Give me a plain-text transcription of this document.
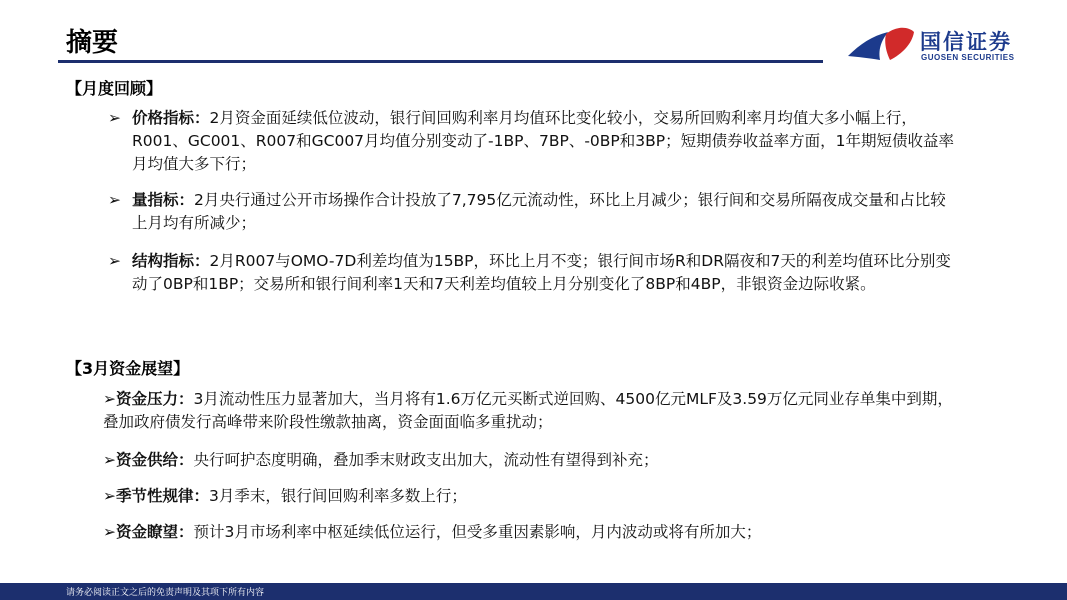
摘要	国信证券
GUOSEN SECURITIES
【月度回顾】
➢ 价格指标：2月资金面延续低位波动，银行间回购利率月均值环比变化较小，交易所回购利率月均值大多小幅上行，R001、GC001、R007和GC007月均值分别变动了-1BP、7BP、-0BP和3BP；短期债券收益率方面，1年期短债收益率月均值大多下行；
➢ 量指标：2月央行通过公开市场操作合计投放了7,795亿元流动性，环比上月减少；银行间和交易所隔夜成交量和占比较上月均有所减少；
➢ 结构指标：2月R007与OMO-7D利差均值为15BP，环比上月不变；银行间市场R和DR隔夜和7天的利差均值环比分别变动了0BP和1BP；交易所和银行间利率1天和7天利差均值较上月分别变化了8BP和4BP，非银资金边际收紧。
【3月资金展望】
➢资金压力：3月流动性压力显著加大，当月将有1.6万亿元买断式逆回购、4500亿元MLF及3.59万亿元同业存单集中到期，叠加政府债发行高峰带来阶段性缴款抽离，资金面面临多重扰动；
➢资金供给：央行呵护态度明确，叠加季末财政支出加大，流动性有望得到补充；
➢季节性规律：3月季末，银行间回购利率多数上行；
➢资金瞭望：预计3月市场利率中枢延续低位运行，但受多重因素影响，月内波动或将有所加大；
请务必阅读正文之后的免责声明及其项下所有内容
